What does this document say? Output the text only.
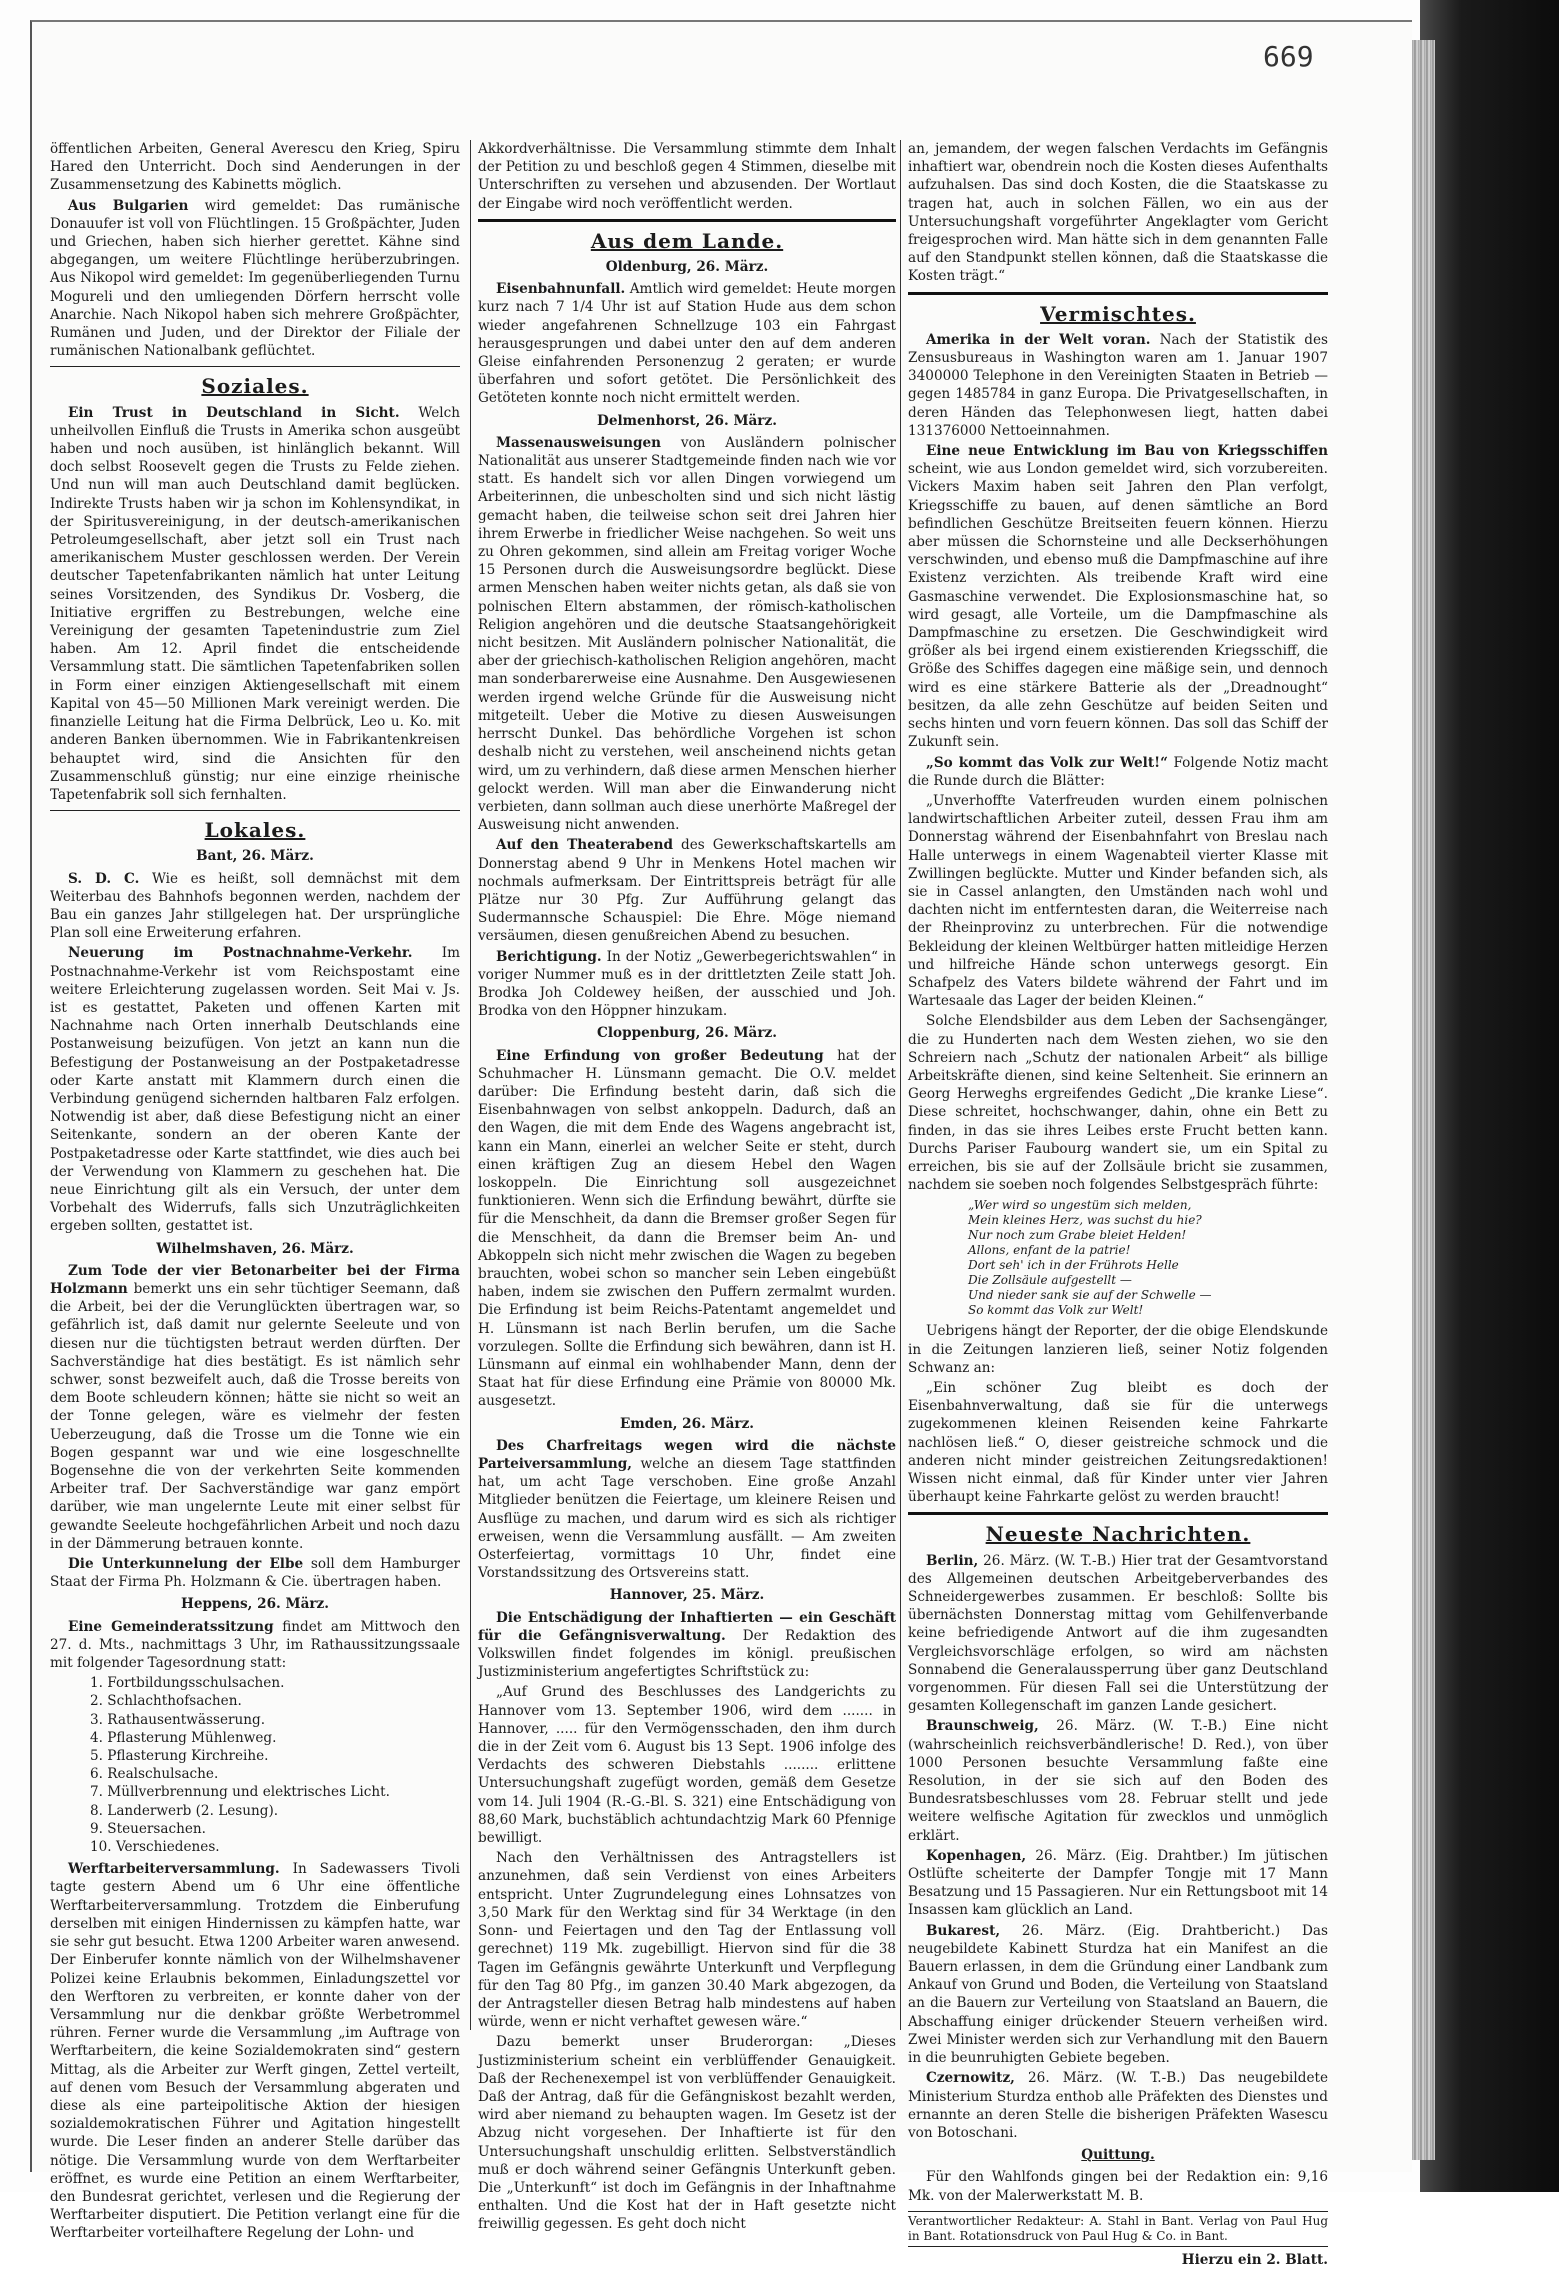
669

öffentlichen Arbeiten, General Averescu den Krieg, Spiru Hared den Unterricht. Doch sind Aenderungen in der Zusammensetzung des Kabinetts möglich.

Aus Bulgarien wird gemeldet: Das rumänische Donauufer ist voll von Flüchtlingen. 15 Großpächter, Juden und Griechen, haben sich hierher gerettet. Kähne sind abgegangen, um weitere Flüchtlinge herüberzubringen. Aus Nikopol wird gemeldet: Im gegenüberliegenden Turnu Mogureli und den umliegenden Dörfern herrscht volle Anarchie. Nach Nikopol haben sich mehrere Großpächter, Rumänen und Juden, und der Direktor der Filiale der rumänischen Nationalbank geflüchtet.

Soziales.

Ein Trust in Deutschland in Sicht. Welch unheilvollen Einfluß die Trusts in Amerika schon ausgeübt haben und noch ausüben, ist hinlänglich bekannt. Will doch selbst Roosevelt gegen die Trusts zu Felde ziehen. Und nun will man auch Deutschland damit beglücken. Indirekte Trusts haben wir ja schon im Kohlensyndikat, in der Spiritusvereinigung, in der deutsch-amerikanischen Petroleumgesellschaft, aber jetzt soll ein Trust nach amerikanischem Muster geschlossen werden. Der Verein deutscher Tapetenfabrikanten nämlich hat unter Leitung seines Vorsitzenden, des Syndikus Dr. Vosberg, die Initiative ergriffen zu Bestrebungen, welche eine Vereinigung der gesamten Tapetenindustrie zum Ziel haben. Am 12. April findet die entscheidende Versammlung statt. Die sämtlichen Tapetenfabriken sollen in Form einer einzigen Aktiengesellschaft mit einem Kapital von 45—50 Millionen Mark vereinigt werden. Die finanzielle Leitung hat die Firma Delbrück, Leo u. Ko. mit anderen Banken übernommen. Wie in Fabrikantenkreisen behauptet wird, sind die Ansichten für den Zusammenschluß günstig; nur eine einzige rheinische Tapetenfabrik soll sich fernhalten.

Lokales.
Bant, 26. März.

S. D. C. Wie es heißt, soll demnächst mit dem Weiterbau des Bahnhofs begonnen werden, nachdem der Bau ein ganzes Jahr stillgelegen hat. Der ursprüngliche Plan soll eine Erweiterung erfahren.

Neuerung im Postnachnahme-Verkehr. Im Postnachnahme-Verkehr ist vom Reichspostamt eine weitere Erleichterung zugelassen worden. Seit Mai v. Js. ist es gestattet, Paketen und offenen Karten mit Nachnahme nach Orten innerhalb Deutschlands eine Postanweisung beizufügen. Von jetzt an kann nun die Befestigung der Postanweisung an der Postpaketadresse oder Karte anstatt mit Klammern durch einen die Verbindung genügend sichernden haltbaren Falz erfolgen. Notwendig ist aber, daß diese Befestigung nicht an einer Seitenkante, sondern an der oberen Kante der Postpaketadresse oder Karte stattfindet, wie dies auch bei der Verwendung von Klammern zu geschehen hat. Die neue Einrichtung gilt als ein Versuch, der unter dem Vorbehalt des Widerrufs, falls sich Unzuträglichkeiten ergeben sollten, gestattet ist.

Wilhelmshaven, 26. März.

Zum Tode der vier Betonarbeiter bei der Firma Holzmann bemerkt uns ein sehr tüchtiger Seemann, daß die Arbeit, bei der die Verunglückten übertragen war, so gefährlich ist, daß damit nur gelernte Seeleute und von diesen nur die tüchtigsten betraut werden dürften. Der Sachverständige hat dies bestätigt. Es ist nämlich sehr schwer, sonst bezweifelt auch, daß die Trosse bereits von dem Boote schleudern können; hätte sie nicht so weit an der Tonne gelegen, wäre es vielmehr der festen Ueberzeugung, daß die Trosse um die Tonne wie ein Bogen gespannt war und wie eine losgeschnellte Bogensehne die von der verkehrten Seite kommenden Arbeiter traf. Der Sachverständige war ganz empört darüber, wie man ungelernte Leute mit einer selbst für gewandte Seeleute hochgefährlichen Arbeit und noch dazu in der Dämmerung betrauen konnte.

Die Unterkunnelung der Elbe soll dem Hamburger Staat der Firma Ph. Holzmann & Cie. übertragen haben.

Heppens, 26. März.

Eine Gemeinderatssitzung findet am Mittwoch den 27. d. Mts., nachmittags 3 Uhr, im Rathaussitzungssaale mit folgender Tagesordnung statt:

1. Fortbildungsschulsachen.
2. Schlachthofsachen.
3. Rathausentwässerung.
4. Pflasterung Mühlenweg.
5. Pflasterung Kirchreihe.
6. Realschulsache.
7. Müllverbrennung und elektrisches Licht.
8. Landerwerb (2. Lesung).
9. Steuersachen.
10. Verschiedenes.

Werftarbeiterversammlung. In Sadewassers Tivoli tagte gestern Abend um 6 Uhr eine öffentliche Werftarbeiterversammlung. Trotzdem die Einberufung derselben mit einigen Hindernissen zu kämpfen hatte, war sie sehr gut besucht. Etwa 1200 Arbeiter waren anwesend. Der Einberufer konnte nämlich von der Wilhelmshavener Polizei keine Erlaubnis bekommen, Einladungszettel vor den Werftoren zu verbreiten, er konnte daher von der Versammlung nur die denkbar größte Werbetrommel rühren. Ferner wurde die Versammlung „im Auftrage von Werftarbeitern, die keine Sozialdemokraten sind“ gestern Mittag, als die Arbeiter zur Werft gingen, Zettel verteilt, auf denen vom Besuch der Versammlung abgeraten und diese als eine parteipolitische Aktion der hiesigen sozialdemokratischen Führer und Agitation hingestellt wurde. Die Leser finden an anderer Stelle darüber das nötige. Die Versammlung wurde von dem Werftarbeiter eröffnet, es wurde eine Petition an einem Werftarbeiter, den Bundesrat gerichtet, verlesen und die Regierung der Werftarbeiter disputiert. Die Petition verlangt eine für die Werftarbeiter vorteilhaftere Regelung der Lohn- und

Akkordverhältnisse. Die Versammlung stimmte dem Inhalt der Petition zu und beschloß gegen 4 Stimmen, dieselbe mit Unterschriften zu versehen und abzusenden. Der Wortlaut der Eingabe wird noch veröffentlicht werden.

Aus dem Lande.
Oldenburg, 26. März.

Eisenbahnunfall. Amtlich wird gemeldet: Heute morgen kurz nach 7 1/4 Uhr ist auf Station Hude aus dem schon wieder angefahrenen Schnellzuge 103 ein Fahrgast herausgesprungen und dabei unter den auf dem anderen Gleise einfahrenden Personenzug 2 geraten; er wurde überfahren und sofort getötet. Die Persönlichkeit des Getöteten konnte noch nicht ermittelt werden.

Delmenhorst, 26. März.

Massenausweisungen von Ausländern polnischer Nationalität aus unserer Stadtgemeinde finden nach wie vor statt. Es handelt sich vor allen Dingen vorwiegend um Arbeiterinnen, die unbescholten sind und sich nicht lästig gemacht haben, die teilweise schon seit drei Jahren hier ihrem Erwerbe in friedlicher Weise nachgehen. So weit uns zu Ohren gekommen, sind allein am Freitag voriger Woche 15 Personen durch die Ausweisungsordre beglückt. Diese armen Menschen haben weiter nichts getan, als daß sie von polnischen Eltern abstammen, der römisch-katholischen Religion angehören und die deutsche Staatsangehörigkeit nicht besitzen. Mit Ausländern polnischer Nationalität, die aber der griechisch-katholischen Religion angehören, macht man sonderbarerweise eine Ausnahme. Den Ausgewiesenen werden irgend welche Gründe für die Ausweisung nicht mitgeteilt. Ueber die Motive zu diesen Ausweisungen herrscht Dunkel. Das behördliche Vorgehen ist schon deshalb nicht zu verstehen, weil anscheinend nichts getan wird, um zu verhindern, daß diese armen Menschen hierher gelockt werden. Will man aber die Einwanderung nicht verbieten, dann sollman auch diese unerhörte Maßregel der Ausweisung nicht anwenden.

Auf den Theaterabend des Gewerkschaftskartells am Donnerstag abend 9 Uhr in Menkens Hotel machen wir nochmals aufmerksam. Der Eintrittspreis beträgt für alle Plätze nur 30 Pfg. Zur Aufführung gelangt das Sudermannsche Schauspiel: Die Ehre. Möge niemand versäumen, diesen genußreichen Abend zu besuchen.

Berichtigung. In der Notiz „Gewerbegerichtswahlen“ in voriger Nummer muß es in der drittletzten Zeile statt Joh. Brodka Joh Coldewey heißen, der ausschied und Joh. Brodka von den Höppner hinzukam.

Cloppenburg, 26. März.

Eine Erfindung von großer Bedeutung hat der Schuhmacher H. Lünsmann gemacht. Die O.V. meldet darüber: Die Erfindung besteht darin, daß sich die Eisenbahnwagen von selbst ankoppeln. Dadurch, daß an den Wagen, die mit dem Ende des Wagens angebracht ist, kann ein Mann, einerlei an welcher Seite er steht, durch einen kräftigen Zug an diesem Hebel den Wagen loskoppeln. Die Einrichtung soll ausgezeichnet funktionieren. Wenn sich die Erfindung bewährt, dürfte sie für die Menschheit, da dann die Bremser großer Segen für die Menschheit, da dann die Bremser beim An- und Abkoppeln sich nicht mehr zwischen die Wagen zu begeben brauchten, wobei schon so mancher sein Leben eingebüßt haben, indem sie zwischen den Puffern zermalmt wurden. Die Erfindung ist beim Reichs-Patentamt angemeldet und H. Lünsmann ist nach Berlin berufen, um die Sache vorzulegen. Sollte die Erfindung sich bewähren, dann ist H. Lünsmann auf einmal ein wohlhabender Mann, denn der Staat hat für diese Erfindung eine Prämie von 80000 Mk. ausgesetzt.

Emden, 26. März.

Des Charfreitags wegen wird die nächste Parteiversammlung, welche an diesem Tage stattfinden hat, um acht Tage verschoben. Eine große Anzahl Mitglieder benützen die Feiertage, um kleinere Reisen und Ausflüge zu machen, und darum wird es sich als richtiger erweisen, wenn die Versammlung ausfällt. — Am zweiten Osterfeiertag, vormittags 10 Uhr, findet eine Vorstandssitzung des Ortsvereins statt.

Hannover, 25. März.

Die Entschädigung der Inhaftierten — ein Geschäft für die Gefängnisverwaltung. Der Redaktion des Volkswillen findet folgendes im königl. preußischen Justizministerium angefertigtes Schriftstück zu:

„Auf Grund des Beschlusses des Landgerichts zu Hannover vom 13. September 1906, wird dem ....... in Hannover, ..... für den Vermögensschaden, den ihm durch die in der Zeit vom 6. August bis 13 Sept. 1906 infolge des Verdachts des schweren Diebstahls ........ erlittene Untersuchungshaft zugefügt worden, gemäß dem Gesetze vom 14. Juli 1904 (R.-G.-Bl. S. 321) eine Entschädigung von 88,60 Mark, buchstäblich achtundachtzig Mark 60 Pfennige bewilligt.

Nach den Verhältnissen des Antragstellers ist anzunehmen, daß sein Verdienst von eines Arbeiters entspricht. Unter Zugrundelegung eines Lohnsatzes von 3,50 Mark für den Werktag sind für 34 Werktage (in den Sonn- und Feiertagen und den Tag der Entlassung voll gerechnet) 119 Mk. zugebilligt. Hiervon sind für die 38 Tagen im Gefängnis gewährte Unterkunft und Verpflegung für den Tag 80 Pfg., im ganzen 30.40 Mark abgezogen, da der Antragsteller diesen Betrag halb mindestens auf haben würde, wenn er nicht verhaftet gewesen wäre.“

Dazu bemerkt unser Bruderorgan: „Dieses Justizministerium scheint ein verblüffender Genauigkeit. Daß der Rechenexempel ist von verblüffender Genauigkeit. Daß der Antrag, daß für die Gefängniskost bezahlt werden, wird aber niemand zu behaupten wagen. Im Gesetz ist der Abzug nicht vorgesehen. Der Inhaftierte ist für den Untersuchungshaft unschuldig erlitten. Selbstverständlich muß er doch während seiner Gefängnis Unterkunft geben. Die „Unterkunft“ ist doch im Gefängnis in der Inhaftnahme enthalten. Und die Kost hat der in Haft gesetzte nicht freiwillig gegessen. Es geht doch nicht

an, jemandem, der wegen falschen Verdachts im Gefängnis inhaftiert war, obendrein noch die Kosten dieses Aufenthalts aufzuhalsen. Das sind doch Kosten, die die Staatskasse zu tragen hat, auch in solchen Fällen, wo ein aus der Untersuchungshaft vorgeführter Angeklagter vom Gericht freigesprochen wird. Man hätte sich in dem genannten Falle auf den Standpunkt stellen können, daß die Staatskasse die Kosten trägt.“

Vermischtes.

Amerika in der Welt voran. Nach der Statistik des Zensusbureaus in Washington waren am 1. Januar 1907 3400000 Telephone in den Vereinigten Staaten in Betrieb — gegen 1485784 in ganz Europa. Die Privatgesellschaften, in deren Händen das Telephonwesen liegt, hatten dabei 131376000 Nettoeinnahmen.

Eine neue Entwicklung im Bau von Kriegsschiffen scheint, wie aus London gemeldet wird, sich vorzubereiten. Vickers Maxim haben seit Jahren den Plan verfolgt, Kriegsschiffe zu bauen, auf denen sämtliche an Bord befindlichen Geschütze Breitseiten feuern können. Hierzu aber müssen die Schornsteine und alle Deckserhöhungen verschwinden, und ebenso muß die Dampfmaschine auf ihre Existenz verzichten. Als treibende Kraft wird eine Gasmaschine verwendet. Die Explosionsmaschine hat, so wird gesagt, alle Vorteile, um die Dampfmaschine als Dampfmaschine zu ersetzen. Die Geschwindigkeit wird größer als bei irgend einem existierenden Kriegsschiff, die Größe des Schiffes dagegen eine mäßige sein, und dennoch wird es eine stärkere Batterie als der „Dreadnought“ besitzen, da alle zehn Geschütze auf beiden Seiten und sechs hinten und vorn feuern können. Das soll das Schiff der Zukunft sein.

„So kommt das Volk zur Welt!“ Folgende Notiz macht die Runde durch die Blätter:

„Unverhoffte Vaterfreuden wurden einem polnischen landwirtschaftlichen Arbeiter zuteil, dessen Frau ihm am Donnerstag während der Eisenbahnfahrt von Breslau nach Halle unterwegs in einem Wagenabteil vierter Klasse mit Zwillingen beglückte. Mutter und Kinder befanden sich, als sie in Cassel anlangten, den Umständen nach wohl und dachten nicht im entferntesten daran, die Weiterreise nach der Rheinprovinz zu unterbrechen. Für die notwendige Bekleidung der kleinen Weltbürger hatten mitleidige Herzen und hilfreiche Hände schon unterwegs gesorgt. Ein Schafpelz des Vaters bildete während der Fahrt und im Wartesaale das Lager der beiden Kleinen.“

Solche Elendsbilder aus dem Leben der Sachsengänger, die zu Hunderten nach dem Westen ziehen, wo sie den Schreiern nach „Schutz der nationalen Arbeit“ als billige Arbeitskräfte dienen, sind keine Seltenheit. Sie erinnern an Georg Herweghs ergreifendes Gedicht „Die kranke Liese“. Diese schreitet, hochschwanger, dahin, ohne ein Bett zu finden, in das sie ihres Leibes erste Frucht betten kann. Durchs Pariser Faubourg wandert sie, um ein Spital zu erreichen, bis sie auf der Zollsäule bricht sie zusammen, nachdem sie soeben noch folgendes Selbstgespräch führte:

„Wer wird so ungestüm sich melden,
Mein kleines Herz, was suchst du hie?
Nur noch zum Grabe bleiet Helden!
Allons, enfant de la patrie!
Dort seh' ich in der Frührots Helle
Die Zollsäule aufgestellt —
Und nieder sank sie auf der Schwelle —
So kommt das Volk zur Welt!

Uebrigens hängt der Reporter, der die obige Elendskunde in die Zeitungen lanzieren ließ, seiner Notiz folgenden Schwanz an:

„Ein schöner Zug bleibt es doch der Eisenbahnverwaltung, daß sie für die unterwegs zugekommenen kleinen Reisenden keine Fahrkarte nachlösen ließ.“ O, dieser geistreiche schmock und die anderen nicht minder geistreichen Zeitungsredaktionen! Wissen nicht einmal, daß für Kinder unter vier Jahren überhaupt keine Fahrkarte gelöst zu werden braucht!

Neueste Nachrichten.

Berlin, 26. März. (W. T.-B.) Hier trat der Gesamtvorstand des Allgemeinen deutschen Arbeitgeberverbandes des Schneidergewerbes zusammen. Er beschloß: Sollte bis übernächsten Donnerstag mittag vom Gehilfenverbande keine befriedigende Antwort auf die ihm zugesandten Vergleichsvorschläge erfolgen, so wird am nächsten Sonnabend die Generalaussperrung über ganz Deutschland vorgenommen. Für diesen Fall sei die Unterstützung der gesamten Kollegenschaft im ganzen Lande gesichert.

Braunschweig, 26. März. (W. T.-B.) Eine nicht (wahrscheinlich reichsverbändlerische! D. Red.), von über 1000 Personen besuchte Versammlung faßte eine Resolution, in der sie sich auf den Boden des Bundesratsbeschlusses vom 28. Februar stellt und jede weitere welfische Agitation für zwecklos und unmöglich erklärt.

Kopenhagen, 26. März. (Eig. Drahtber.) Im jütischen Ostlüfte scheiterte der Dampfer Tongje mit 17 Mann Besatzung und 15 Passagieren. Nur ein Rettungsboot mit 14 Insassen kam glücklich an Land.

Bukarest, 26. März. (Eig. Drahtbericht.) Das neugebildete Kabinett Sturdza hat ein Manifest an die Bauern erlassen, in dem die Gründung einer Landbank zum Ankauf von Grund und Boden, die Verteilung von Staatsland an die Bauern zur Verteilung von Staatsland an Bauern, die Abschaffung einiger drückender Steuern verheißen wird. Zwei Minister werden sich zur Verhandlung mit den Bauern in die beunruhigten Gebiete begeben.

Czernowitz, 26. März. (W. T.-B.) Das neugebildete Ministerium Sturdza enthob alle Präfekten des Dienstes und ernannte an deren Stelle die bisherigen Präfekten Wasescu von Botoschani.

Quittung.

Für den Wahlfonds gingen bei der Redaktion ein: 9,16 Mk. von der Malerwerkstatt M. B.

Verantwortlicher Redakteur: A. Stahl in Bant. Verlag von Paul Hug in Bant. Rotationsdruck von Paul Hug & Co. in Bant.
Hierzu ein 2. Blatt.
